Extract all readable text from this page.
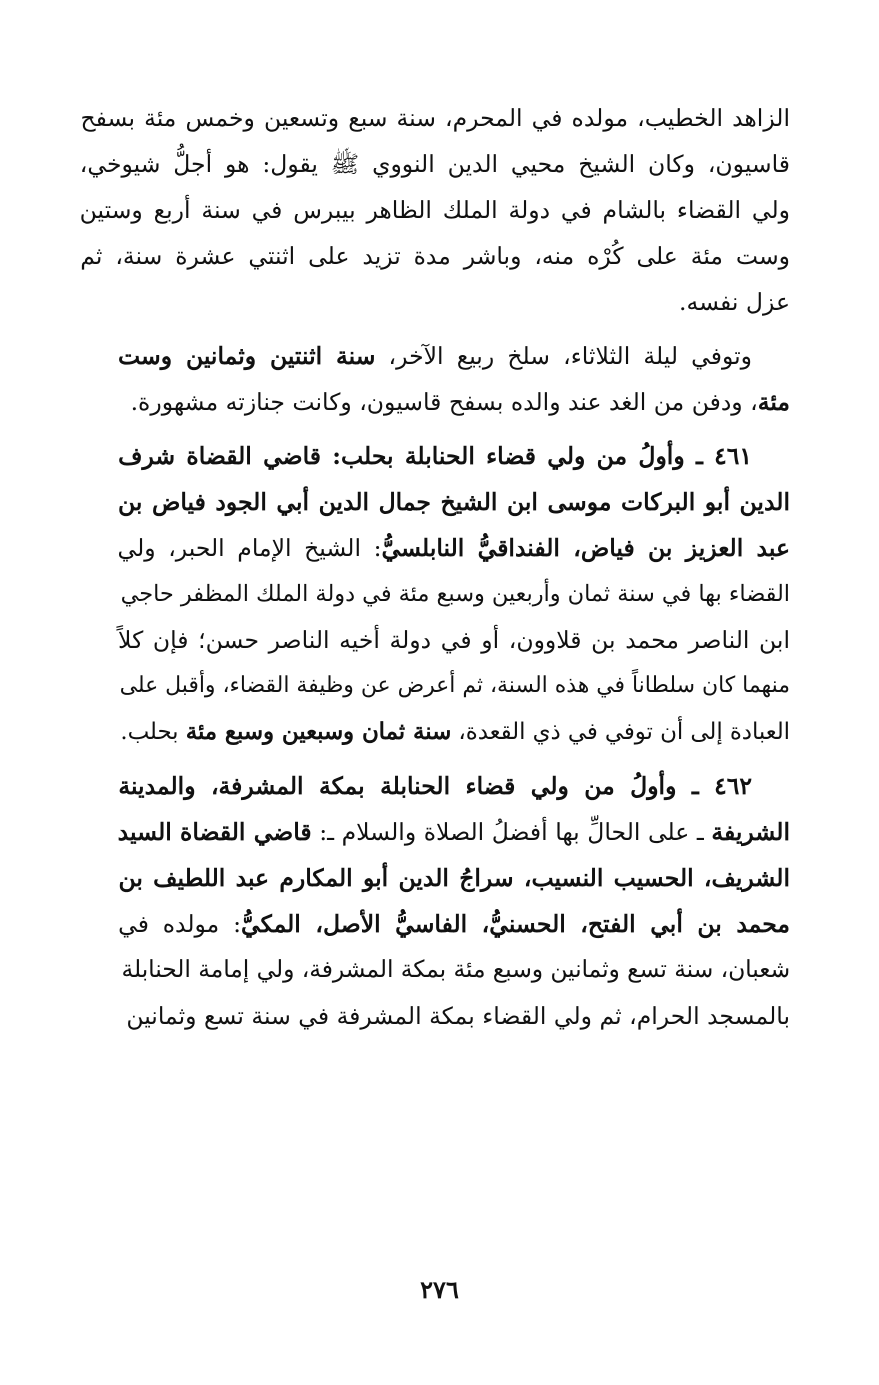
الزاهد الخطيب، مولده في المحرم، سنة سبع وتسعين وخمس مئة بسفح
قاسيون، وكان الشيخ محيي الدين النووي ﷺ يقول: هو أجلُّ شيوخي،
ولي القضاء بالشام في دولة الملك الظاهر بيبرس في سنة أربع وستين
وست مئة على كُرْه منه، وباشر مدة تزيد على اثنتي عشرة سنة، ثم
عزل نفسه.
وتوفي ليلة الثلاثاء، سلخ ربيع الآخر، سنة اثنتين وثمانين وست
مئة، ودفن من الغد عند والده بسفح قاسيون، وكانت جنازته مشهورة.
٤٦١ ـ وأولُ من ولي قضاء الحنابلة بحلب: قاضي القضاة شرف
الدين أبو البركات موسى ابن الشيخ جمال الدين أبي الجود فياض بن
عبد العزيز بن فياض، الفنداقيُّ النابلسيُّ: الشيخ الإمام الحبر، ولي
القضاء بها في سنة ثمان وأربعين وسبع مئة في دولة الملك المظفر حاجي
ابن الناصر محمد بن قلاوون، أو في دولة أخيه الناصر حسن؛ فإن كلاً
منهما كان سلطاناً في هذه السنة، ثم أعرض عن وظيفة القضاء، وأقبل على
العبادة إلى أن توفي في ذي القعدة، سنة ثمان وسبعين وسبع مئة بحلب.
٤٦٢ ـ وأولُ من ولي قضاء الحنابلة بمكة المشرفة، والمدينة
الشريفة ـ على الحالِّ بها أفضلُ الصلاة والسلام ـ: قاضي القضاة السيد
الشريف، الحسيب النسيب، سراجُ الدين أبو المكارم عبد اللطيف بن
محمد بن أبي الفتح، الحسنيُّ، الفاسيُّ الأصل، المكيُّ: مولده في
شعبان، سنة تسع وثمانين وسبع مئة بمكة المشرفة، ولي إمامة الحنابلة
بالمسجد الحرام، ثم ولي القضاء بمكة المشرفة في سنة تسع وثمانين
٢٧٦
